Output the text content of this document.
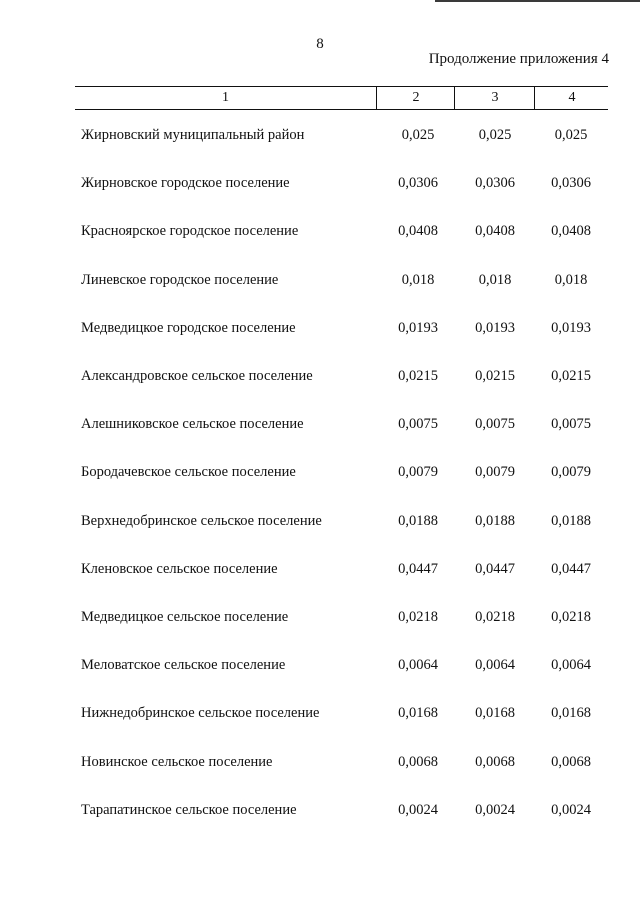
8
Продолжение приложения 4
1	2	3	4
Жирновский муниципальный район	0,025	0,025	0,025
Жирновское городское поселение	0,0306	0,0306	0,0306
Красноярское городское поселение	0,0408	0,0408	0,0408
Линевское городское поселение	0,018	0,018	0,018
Медведицкое городское поселение	0,0193	0,0193	0,0193
Александровское сельское поселение	0,0215	0,0215	0,0215
Алешниковское сельское поселение	0,0075	0,0075	0,0075
Бородачевское сельское поселение	0,0079	0,0079	0,0079
Верхнедобринское сельское поселение	0,0188	0,0188	0,0188
Кленовское сельское поселение	0,0447	0,0447	0,0447
Медведицкое сельское поселение	0,0218	0,0218	0,0218
Меловатское сельское поселение	0,0064	0,0064	0,0064
Нижнедобринское сельское поселение	0,0168	0,0168	0,0168
Новинское сельское поселение	0,0068	0,0068	0,0068
Тарапатинское сельское поселение	0,0024	0,0024	0,0024
